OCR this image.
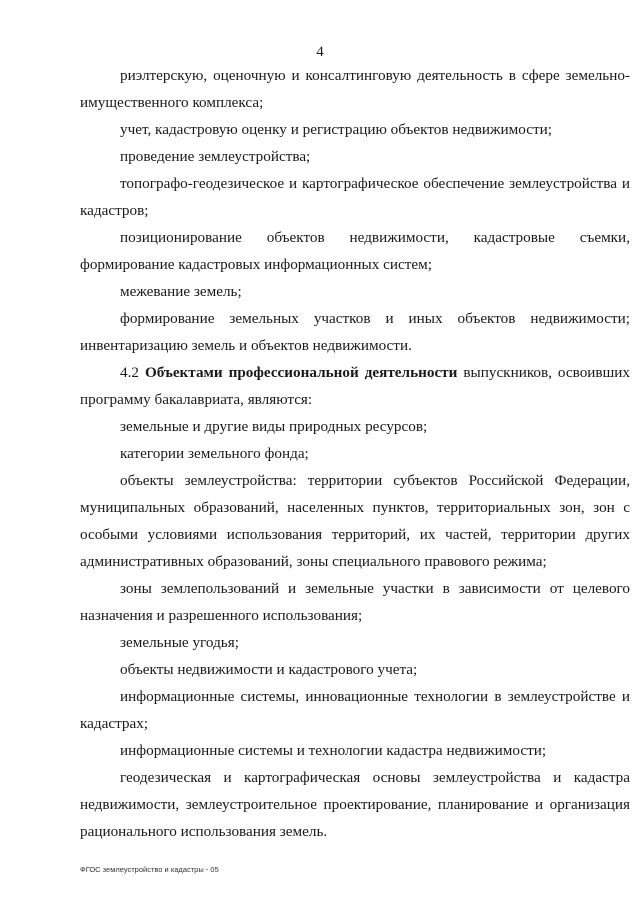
4

риэлтерскую, оценочную и консалтинговую деятельность в сфере земельно-имущественного комплекса;

учет, кадастровую оценку и регистрацию объектов недвижимости;

проведение землеустройства;

топографо-геодезическое и картографическое обеспечение землеустройства и кадастров;

позиционирование объектов недвижимости, кадастровые съемки, формирование кадастровых информационных систем;

межевание земель;

формирование земельных участков и иных объектов недвижимости; инвентаризацию земель и объектов недвижимости.

4.2 Объектами профессиональной деятельности выпускников, освоивших программу бакалавриата, являются:

земельные и другие виды природных ресурсов;

категории земельного фонда;

объекты землеустройства: территории субъектов Российской Федерации, муниципальных образований, населенных пунктов, территориальных зон, зон с особыми условиями использования территорий, их частей, территории других административных образований, зоны специального правового режима;

зоны землепользований и земельные участки в зависимости от целевого назначения и разрешенного использования;

земельные угодья;

объекты недвижимости и кадастрового учета;

информационные системы, инновационные технологии в землеустройстве и кадастрах;

информационные системы и технологии кадастра недвижимости;

геодезическая и картографическая основы землеустройства и кадастра недвижимости, землеустроительное проектирование, планирование и организация рационального использования земель.

ФГОС землеустройство и кадастры - 05
